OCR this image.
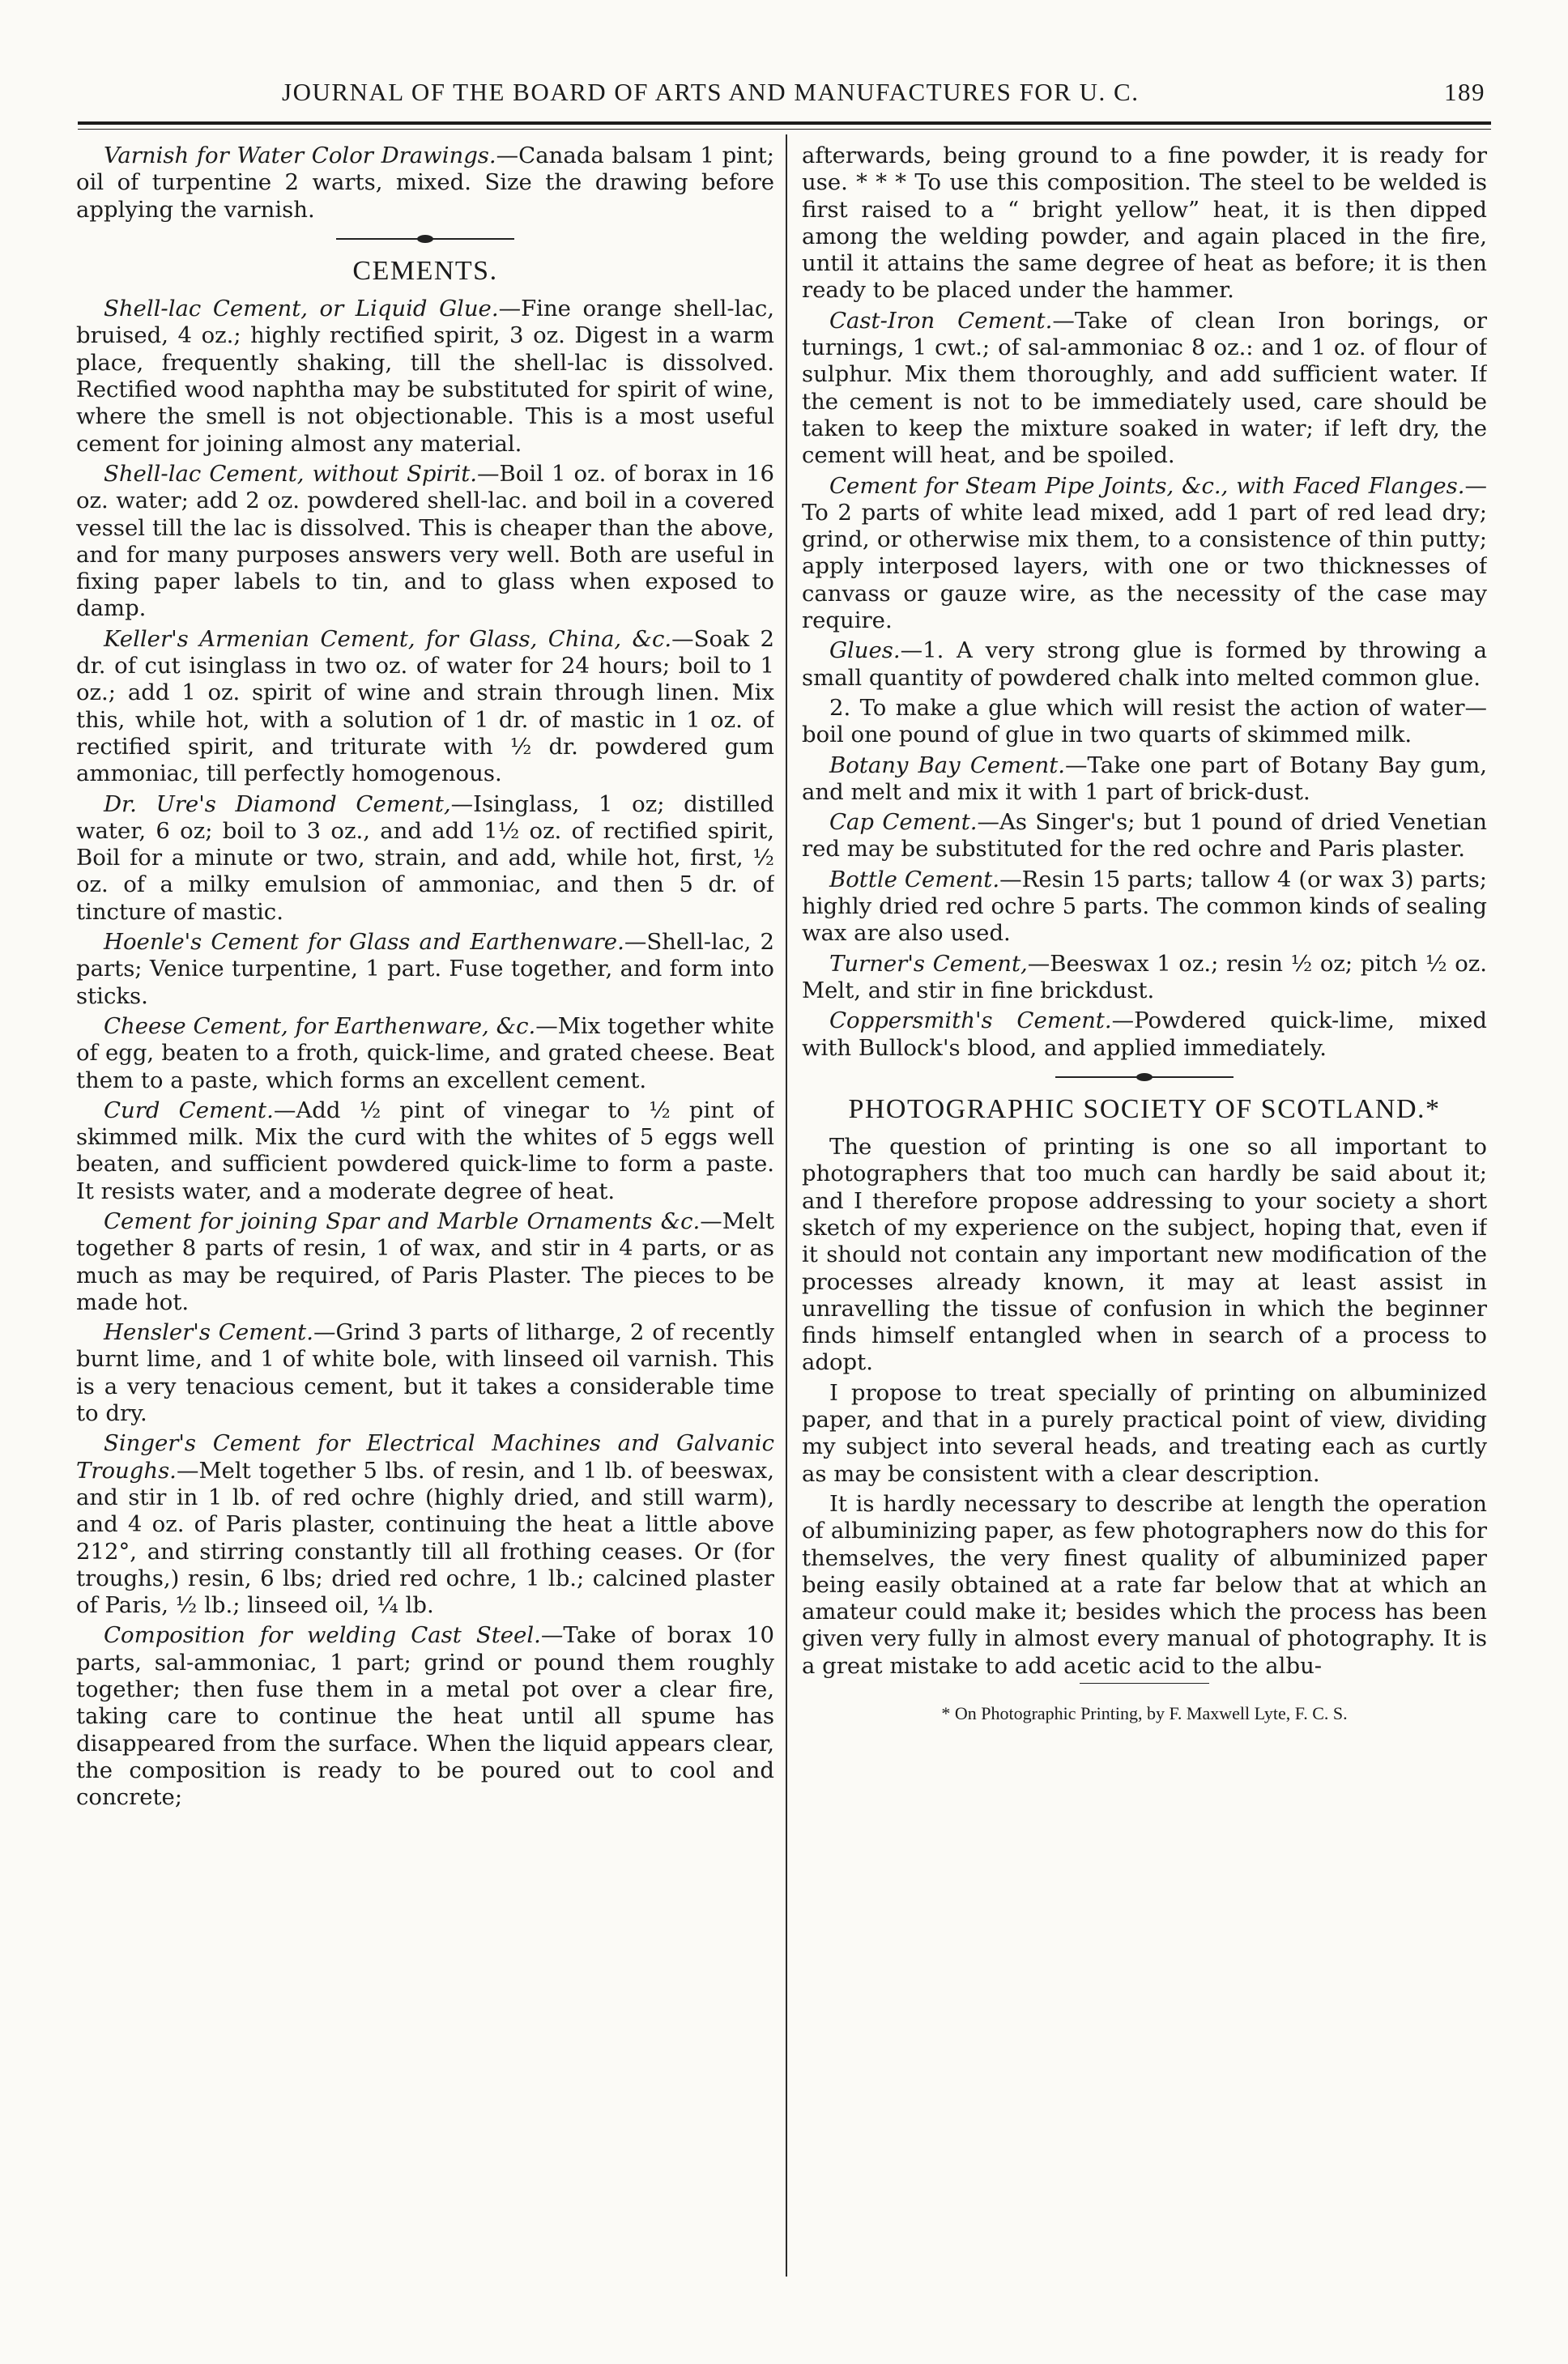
JOURNAL OF THE BOARD OF ARTS AND MANUFACTURES FOR U. C.	189

Varnish for Water Color Drawings.—Canada balsam 1 pint; oil of turpentine 2 warts, mixed. Size the drawing before applying the varnish.

CEMENTS.

Shell-lac Cement, or Liquid Glue.—Fine orange shell-lac, bruised, 4 oz.; highly rectified spirit, 3 oz. Digest in a warm place, frequently shaking, till the shell-lac is dissolved. Rectified wood naphtha may be substituted for spirit of wine, where the smell is not objectionable. This is a most useful cement for joining almost any material.

Shell-lac Cement, without Spirit.—Boil 1 oz. of borax in 16 oz. water; add 2 oz. powdered shell-lac. and boil in a covered vessel till the lac is dissolved. This is cheaper than the above, and for many purposes answers very well. Both are useful in fixing paper labels to tin, and to glass when exposed to damp.

Keller's Armenian Cement, for Glass, China, &c.—Soak 2 dr. of cut isinglass in two oz. of water for 24 hours; boil to 1 oz.; add 1 oz. spirit of wine and strain through linen. Mix this, while hot, with a solution of 1 dr. of mastic in 1 oz. of rectified spirit, and triturate with ½ dr. powdered gum ammoniac, till perfectly homogenous.

Dr. Ure's Diamond Cement,—Isinglass, 1 oz; distilled water, 6 oz; boil to 3 oz., and add 1½ oz. of rectified spirit, Boil for a minute or two, strain, and add, while hot, first, ½ oz. of a milky emulsion of ammoniac, and then 5 dr. of tincture of mastic.

Hoenle's Cement for Glass and Earthenware.—Shell-lac, 2 parts; Venice turpentine, 1 part. Fuse together, and form into sticks.

Cheese Cement, for Earthenware, &c.—Mix together white of egg, beaten to a froth, quick-lime, and grated cheese. Beat them to a paste, which forms an excellent cement.

Curd Cement.—Add ½ pint of vinegar to ½ pint of skimmed milk. Mix the curd with the whites of 5 eggs well beaten, and sufficient powdered quick-lime to form a paste. It resists water, and a moderate degree of heat.

Cement for joining Spar and Marble Ornaments &c.—Melt together 8 parts of resin, 1 of wax, and stir in 4 parts, or as much as may be required, of Paris Plaster. The pieces to be made hot.

Hensler's Cement.—Grind 3 parts of litharge, 2 of recently burnt lime, and 1 of white bole, with linseed oil varnish. This is a very tenacious cement, but it takes a considerable time to dry.

Singer's Cement for Electrical Machines and Galvanic Troughs.—Melt together 5 lbs. of resin, and 1 lb. of beeswax, and stir in 1 lb. of red ochre (highly dried, and still warm), and 4 oz. of Paris plaster, continuing the heat a little above 212°, and stirring constantly till all frothing ceases. Or (for troughs,) resin, 6 lbs; dried red ochre, 1 lb.; calcined plaster of Paris, ½ lb.; linseed oil, ¼ lb.

Composition for welding Cast Steel.—Take of borax 10 parts, sal-ammoniac, 1 part; grind or pound them roughly together; then fuse them in a metal pot over a clear fire, taking care to continue the heat until all spume has disappeared from the surface. When the liquid appears clear, the composition is ready to be poured out to cool and concrete;

afterwards, being ground to a fine powder, it is ready for use. * * * To use this composition. The steel to be welded is first raised to a “ bright yellow” heat, it is then dipped among the welding powder, and again placed in the fire, until it attains the same degree of heat as before; it is then ready to be placed under the hammer.

Cast-Iron Cement.—Take of clean Iron borings, or turnings, 1 cwt.; of sal-ammoniac 8 oz.: and 1 oz. of flour of sulphur. Mix them thoroughly, and add sufficient water. If the cement is not to be immediately used, care should be taken to keep the mixture soaked in water; if left dry, the cement will heat, and be spoiled.

Cement for Steam Pipe Joints, &c., with Faced Flanges.—To 2 parts of white lead mixed, add 1 part of red lead dry; grind, or otherwise mix them, to a consistence of thin putty; apply interposed layers, with one or two thicknesses of canvass or gauze wire, as the necessity of the case may require.

Glues.—1. A very strong glue is formed by throwing a small quantity of powdered chalk into melted common glue.

2. To make a glue which will resist the action of water—boil one pound of glue in two quarts of skimmed milk.

Botany Bay Cement.—Take one part of Botany Bay gum, and melt and mix it with 1 part of brick-dust.

Cap Cement.—As Singer's; but 1 pound of dried Venetian red may be substituted for the red ochre and Paris plaster.

Bottle Cement.—Resin 15 parts; tallow 4 (or wax 3) parts; highly dried red ochre 5 parts. The common kinds of sealing wax are also used.

Turner's Cement,—Beeswax 1 oz.; resin ½ oz; pitch ½ oz. Melt, and stir in fine brickdust.

Coppersmith's Cement.—Powdered quick-lime, mixed with Bullock's blood, and applied immediately.

PHOTOGRAPHIC SOCIETY OF SCOTLAND.*

The question of printing is one so all important to photographers that too much can hardly be said about it; and I therefore propose addressing to your society a short sketch of my experience on the subject, hoping that, even if it should not contain any important new modification of the processes already known, it may at least assist in unravelling the tissue of confusion in which the beginner finds himself entangled when in search of a process to adopt.

I propose to treat specially of printing on albuminized paper, and that in a purely practical point of view, dividing my subject into several heads, and treating each as curtly as may be consistent with a clear description.

It is hardly necessary to describe at length the operation of albuminizing paper, as few photographers now do this for themselves, the very finest quality of albuminized paper being easily obtained at a rate far below that at which an amateur could make it; besides which the process has been given very fully in almost every manual of photography. It is a great mistake to add acetic acid to the albu-

* On Photographic Printing, by F. Maxwell Lyte, F. C. S.
